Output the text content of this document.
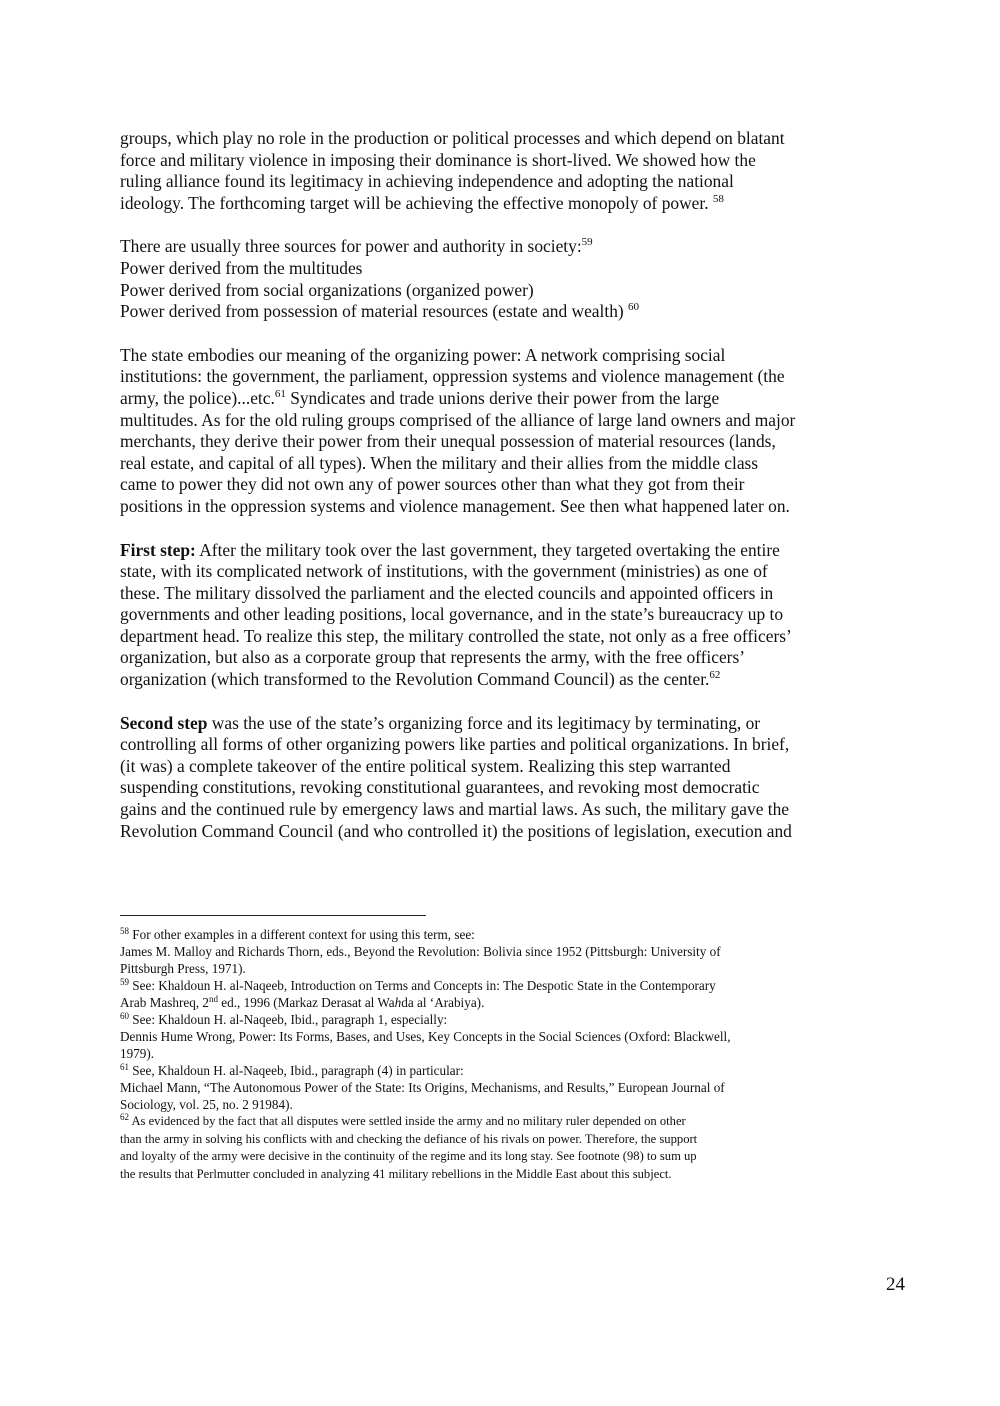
groups, which play no role in the production or political processes and which depend on blatant
force and military violence in imposing their dominance is short-lived. We showed how the
ruling alliance found its legitimacy in achieving independence and adopting the national
ideology. The forthcoming target will be achieving the effective monopoly of power. $^{58}$

There are usually three sources for power and authority in society:$^{59}$

Power derived from the multitudes

Power derived from social organizations (organized power)

Power derived from possession of material resources (estate and wealth) $^{60}$

The state embodies our meaning of the organizing power: A network comprising social
institutions: the government, the parliament, oppression systems and violence management (the
army, the police)...etc.$^{61}$ Syndicates and trade unions derive their power from the large
multitudes. As for the old ruling groups comprised of the alliance of large land owners and major
merchants, they derive their power from their unequal possession of material resources (lands,
real estate, and capital of all types). When the military and their allies from the middle class
came to power they did not own any of power sources other than what they got from their
positions in the oppression systems and violence management. See then what happened later on.

First step: After the military took over the last government, they targeted overtaking the entire
state, with its complicated network of institutions, with the government (ministries) as one of
these. The military dissolved the parliament and the elected councils and appointed officers in
governments and other leading positions, local governance, and in the state’s bureaucracy up to
department head. To realize this step, the military controlled the state, not only as a free officers’
organization, but also as a corporate group that represents the army, with the free officers’
organization (which transformed to the Revolution Command Council) as the center.$^{62}$

Second step was the use of the state’s organizing force and its legitimacy by terminating, or
controlling all forms of other organizing powers like parties and political organizations. In brief,
(it was) a complete takeover of the entire political system. Realizing this step warranted
suspending constitutions, revoking constitutional guarantees, and revoking most democratic
gains and the continued rule by emergency laws and martial laws. As such, the military gave the
Revolution Command Council (and who controlled it) the positions of legislation, execution and

$^{58}$ For other examples in a different context for using this term, see:
James M. Malloy and Richards Thorn, eds., Beyond the Revolution: Bolivia since 1952 (Pittsburgh: University of
Pittsburgh Press, 1971).

$^{59}$ See: Khaldoun H. al-Naqeeb, Introduction on Terms and Concepts in: The Despotic State in the Contemporary
Arab Mashreq, 2nd ed., 1996 (Markaz Derasat al Wahda al ‘Arabiya).

$^{60}$ See: Khaldoun H. al-Naqeeb, Ibid., paragraph 1, especially:
Dennis Hume Wrong, Power: Its Forms, Bases, and Uses, Key Concepts in the Social Sciences (Oxford: Blackwell,
1979).

$^{61}$ See, Khaldoun H. al-Naqeeb, Ibid., paragraph (4) in particular:
Michael Mann, “The Autonomous Power of the State: Its Origins, Mechanisms, and Results,” European Journal of
Sociology, vol. 25, no. 2 91984).

$^{62}$ As evidenced by the fact that all disputes were settled inside the army and no military ruler depended on other
than the army in solving his conflicts with and checking the defiance of his rivals on power. Therefore, the support
and loyalty of the army were decisive in the continuity of the regime and its long stay. See footnote (98) to sum up
the results that Perlmutter concluded in analyzing 41 military rebellions in the Middle East about this subject.

24
